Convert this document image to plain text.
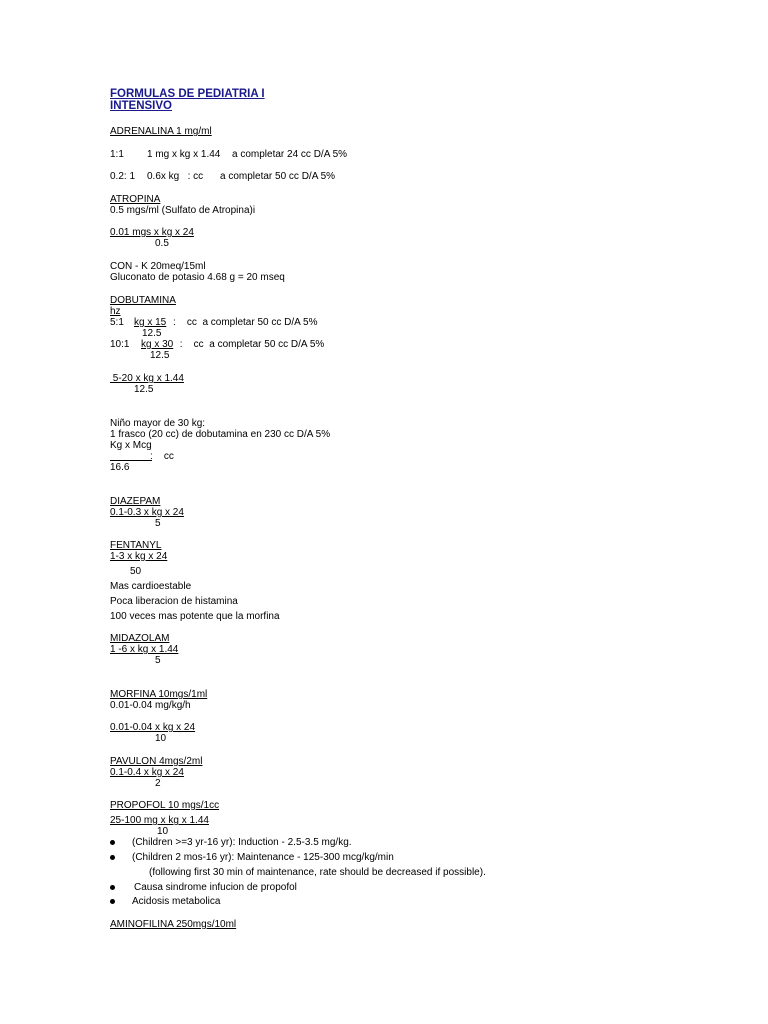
FORMULAS DE PEDIATRIA I
INTENSIVO
ADRENALINA 1 mg/ml
1:1 1 mg x kg x 1.44 a completar 24 cc D/A 5%
0.2: 1 0.6x kg   : cc a completar 50 cc D/A 5%
ATROPINA
0.5 mgs/ml (Sulfato de Atropina)i
0.01 mgs x kg x 24
0.5
CON - K 20meq/15ml
Gluconato de potasio 4.68 g = 20 mseq
DOBUTAMINA
hz
5:1 kg x 15 :    cc  a completar 50 cc D/A 5%
12.5
10:1 kg x 30 :    cc  a completar 50 cc D/A 5%
12.5
5-20 x kg x 1.44
12.5
Niño mayor de 30 kg:
1 frasco (20 cc) de dobutamina en 230 cc D/A 5%
Kg x Mcg
:    cc
16.6
DIAZEPAM
0.1-0.3 x kg x 24
5
FENTANYL
1-3 x kg x 24
50
Mas cardioestable
Poca liberacion de histamina
100 veces mas potente que la morfina
MIDAZOLAM
1 -6 x kg x 1.44
5
MORFINA 10mgs/1ml
0.01-0.04 mg/kg/h
0.01-0.04 x kg x 24
10
PAVULON 4mgs/2ml
0.1-0.4 x kg x 24
2
PROPOFOL 10 mgs/1cc
25-100 mg x kg x 1.44
10
(Children >=3 yr-16 yr): Induction - 2.5-3.5 mg/kg.
(Children 2 mos-16 yr): Maintenance - 125-300 mcg/kg/min
(following first 30 min of maintenance, rate should be decreased if possible).
Causa sindrome infucion de propofol
Acidosis metabolica
AMINOFILINA 250mgs/10ml
